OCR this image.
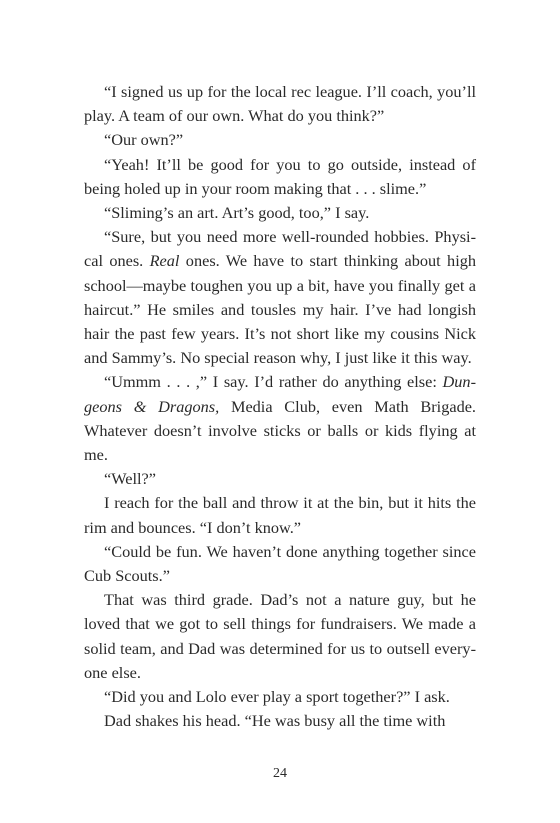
“I signed us up for the local rec league. I’ll coach, you’ll play. A team of our own. What do you think?”

“Our own?”

“Yeah! It’ll be good for you to go outside, instead of being holed up in your room making that . . . slime.”

“Sliming’s an art. Art’s good, too,” I say.

“Sure, but you need more well-rounded hobbies. Physical ones. Real ones. We have to start thinking about high school—maybe toughen you up a bit, have you finally get a haircut.” He smiles and tousles my hair. I’ve had longish hair the past few years. It’s not short like my cousins Nick and Sammy’s. No special reason why, I just like it this way.

“Ummm . . . ,” I say. I’d rather do anything else: Dungeons & Dragons, Media Club, even Math Brigade. Whatever doesn’t involve sticks or balls or kids flying at me.

“Well?”

I reach for the ball and throw it at the bin, but it hits the rim and bounces. “I don’t know.”

“Could be fun. We haven’t done anything together since Cub Scouts.”

That was third grade. Dad’s not a nature guy, but he loved that we got to sell things for fundraisers. We made a solid team, and Dad was determined for us to outsell everyone else.

“Did you and Lolo ever play a sport together?” I ask.

Dad shakes his head. “He was busy all the time with

24
